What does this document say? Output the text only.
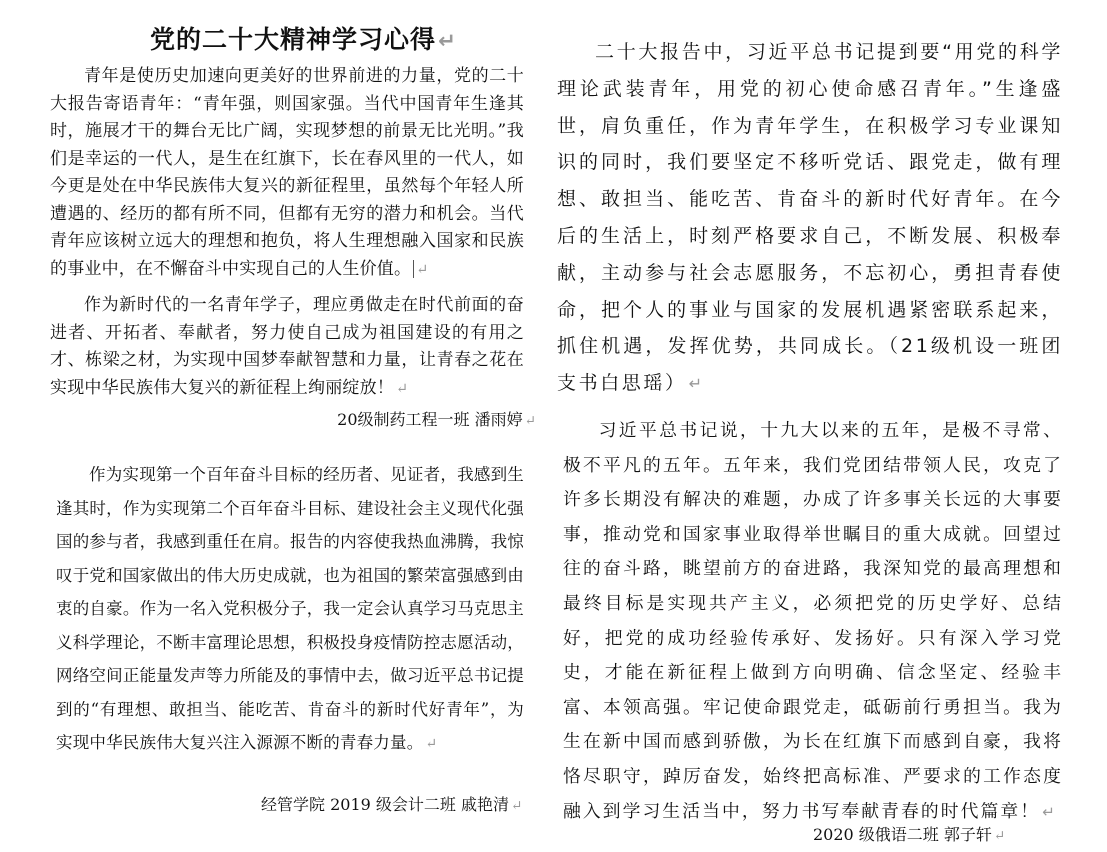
党的二十大精神学习心得↵

青年是使历史加速向更美好的世界前进的力量，党的二十大报告寄语青年：“青年强，则国家强。当代中国青年生逢其时，施展才干的舞台无比广阔，实现梦想的前景无比光明。”我们是幸运的一代人，是生在红旗下，长在春风里的一代人，如今更是处在中华民族伟大复兴的新征程里，虽然每个年轻人所遭遇的、经历的都有所不同，但都有无穷的潜力和机会。当代青年应该树立远大的理想和抱负，将人生理想融入国家和民族的事业中，在不懈奋斗中实现自己的人生价值。 ↵

作为新时代的一名青年学子，理应勇做走在时代前面的奋进者、开拓者、奉献者，努力使自己成为祖国建设的有用之才、栋梁之材，为实现中国梦奉献智慧和力量，让青春之花在实现中华民族伟大复兴的新征程上绚丽绽放！ ↵

20级制药工程一班 潘雨婷 ↵

作为实现第一个百年奋斗目标的经历者、见证者，我感到生逢其时，作为实现第二个百年奋斗目标、建设社会主义现代化强国的参与者，我感到重任在肩。报告的内容使我热血沸腾，我惊叹于党和国家做出的伟大历史成就，也为祖国的繁荣富强感到由衷的自豪。作为一名入党积极分子，我一定会认真学习马克思主义科学理论，不断丰富理论思想，积极投身疫情防控志愿活动，网络空间正能量发声等力所能及的事情中去，做习近平总书记提到的“有理想、敢担当、能吃苦、肯奋斗的新时代好青年”，为实现中华民族伟大复兴注入源源不断的青春力量。 ↵

经管学院 2019 级会计二班 戚艳清 ↵

二十大报告中，习近平总书记提到要“用党的科学理论武装青年，用党的初心使命感召青年。”生逢盛世，肩负重任，作为青年学生，在积极学习专业课知识的同时，我们要坚定不移听党话、跟党走，做有理想、敢担当、能吃苦、肯奋斗的新时代好青年。在今后的生活上，时刻严格要求自己，不断发展、积极奉献，主动参与社会志愿服务，不忘初心，勇担青春使命，把个人的事业与国家的发展机遇紧密联系起来，抓住机遇，发挥优势，共同成长。（21级机设一班团支书白思瑶） ↵

习近平总书记说，十九大以来的五年，是极不寻常、极不平凡的五年。五年来，我们党团结带领人民，攻克了许多长期没有解决的难题，办成了许多事关长远的大事要事，推动党和国家事业取得举世瞩目的重大成就。回望过往的奋斗路，眺望前方的奋进路，我深知党的最高理想和最终目标是实现共产主义，必须把党的历史学好、总结好，把党的成功经验传承好、发扬好。只有深入学习党史，才能在新征程上做到方向明确、信念坚定、经验丰富、本领高强。牢记使命跟党走，砥砺前行勇担当。我为生在新中国而感到骄傲，为长在红旗下而感到自豪，我将恪尽职守，踔厉奋发，始终把高标准、严要求的工作态度融入到学习生活当中，努力书写奉献青春的时代篇章！ ↵

2020 级俄语二班 郭子轩 ↵
